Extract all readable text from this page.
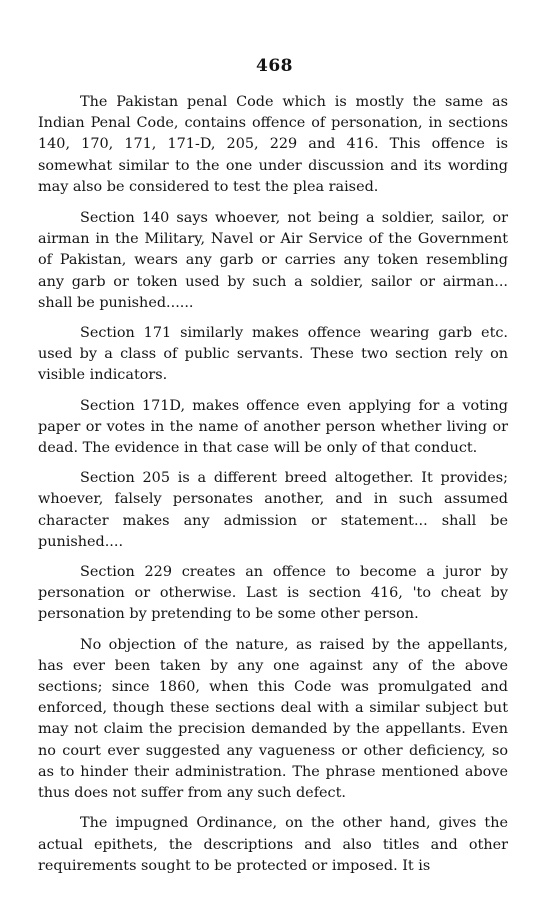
468

The Pakistan penal Code which is mostly the same as Indian Penal Code, contains offence of personation, in sections 140, 170, 171, 171-D, 205, 229 and 416. This offence is somewhat similar to the one under discussion and its wording may also be considered to test the plea raised.

Section 140 says whoever, not being a soldier, sailor, or airman in the Military, Navel or Air Service of the Government of Pakistan, wears any garb or carries any token resembling any garb or token used by such a soldier, sailor or airman... shall be punished......

Section 171 similarly makes offence wearing garb etc. used by a class of public servants. These two section rely on visible indicators.

Section 171D, makes offence even applying for a voting paper or votes in the name of another person whether living or dead. The evidence in that case will be only of that conduct.

Section 205 is a different breed altogether. It provides; whoever, falsely personates another, and in such assumed character makes any admission or statement... shall be punished....

Section 229 creates an offence to become a juror by personation or otherwise. Last is section 416, 'to cheat by personation by pretending to be some other person.

No objection of the nature, as raised by the appellants, has ever been taken by any one against any of the above sections; since 1860, when this Code was promulgated and enforced, though these sections deal with a similar subject but may not claim the precision demanded by the appellants. Even no court ever suggested any vagueness or other deficiency, so as to hinder their administration. The phrase mentioned above thus does not suffer from any such defect.

The impugned Ordinance, on the other hand, gives the actual epithets, the descriptions and also titles and other requirements sought to be protected or imposed. It is
